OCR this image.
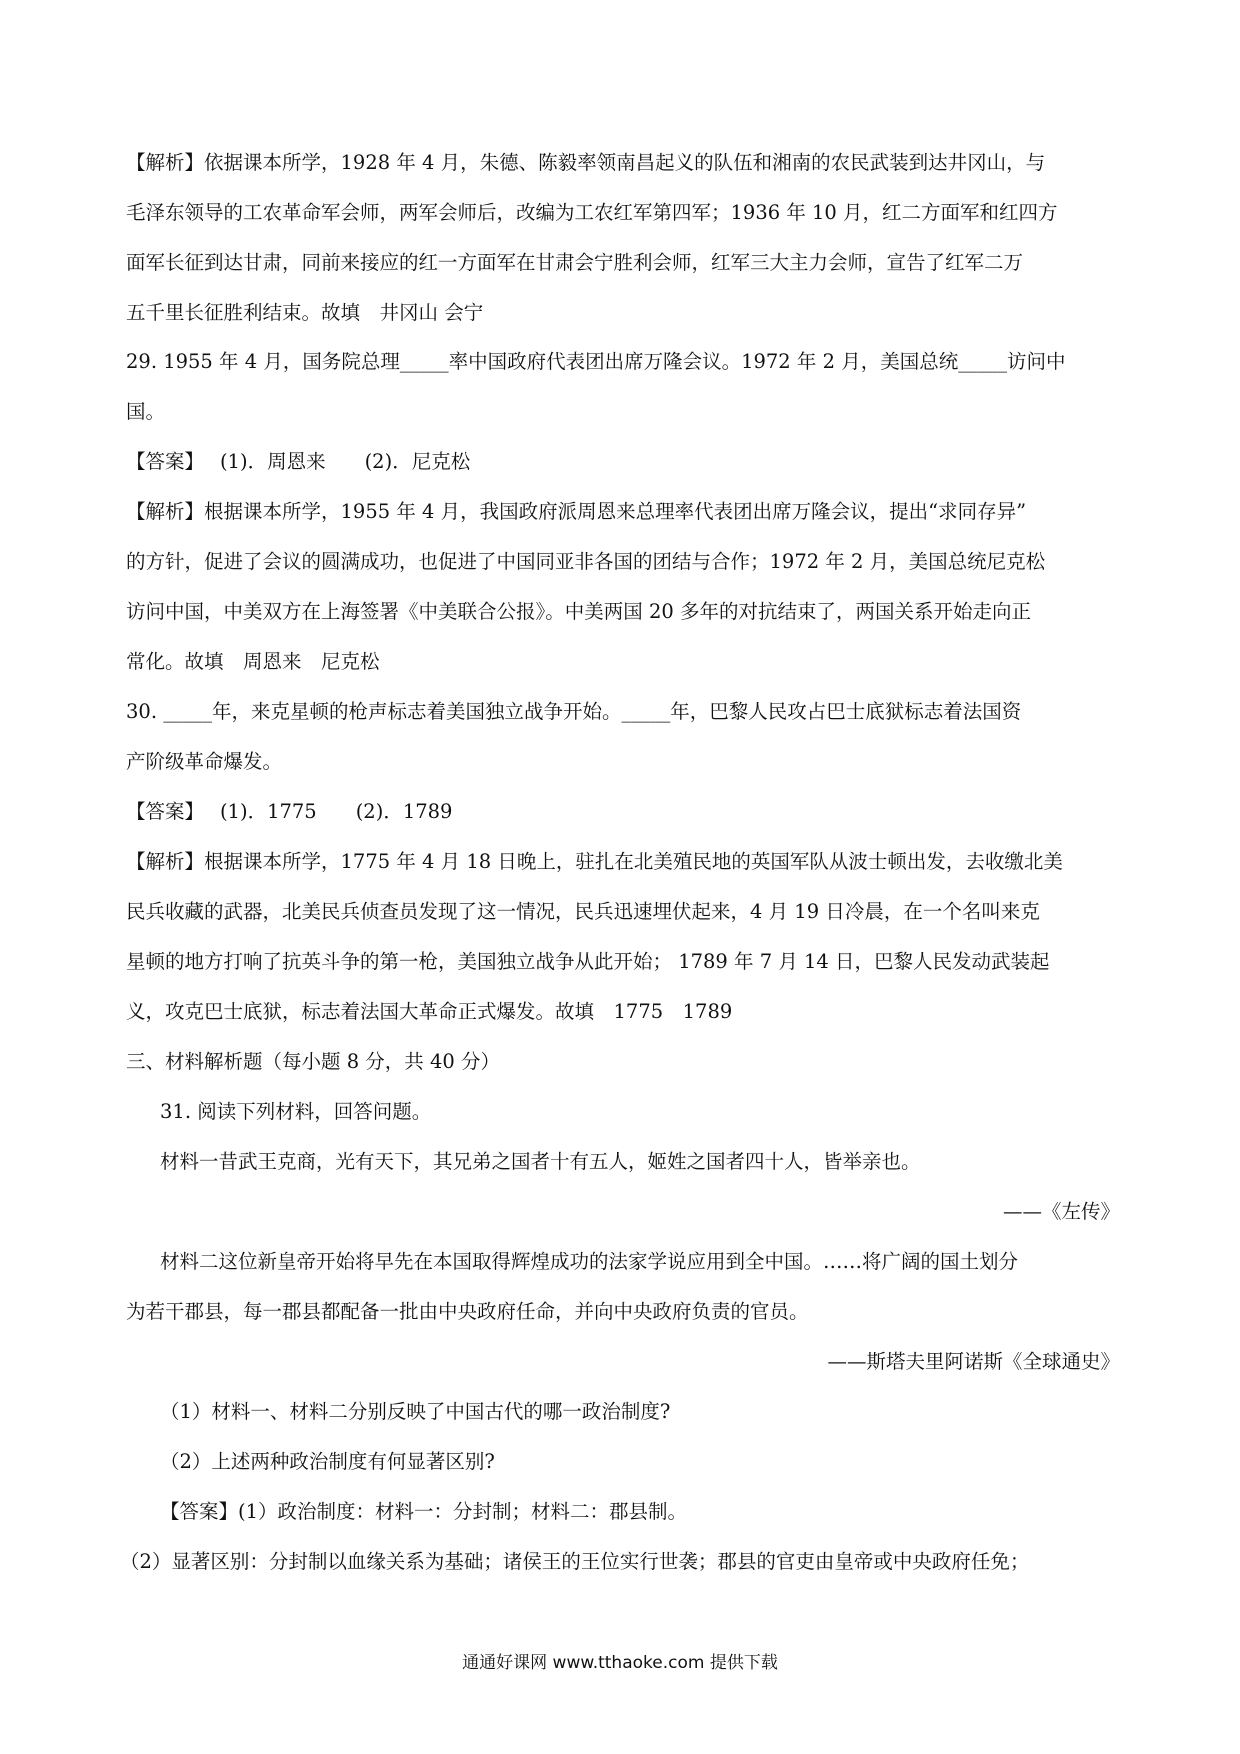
【解析】依据课本所学，1928 年 4 月，朱德、陈毅率领南昌起义的队伍和湘南的农民武装到达井冈山，与
毛泽东领导的工农革命军会师，两军会师后，改编为工农红军第四军；1936 年 10 月，红二方面军和红四方
面军长征到达甘肃，同前来接应的红一方面军在甘肃会宁胜利会师，红军三大主力会师，宣告了红军二万
五千里长征胜利结束。故填　井冈山 会宁
29. 1955 年 4 月，国务院总理_____率中国政府代表团出席万隆会议。1972 年 2 月，美国总统_____访问中
国。
【答案】　 (1)．周恩来　　(2)．尼克松
【解析】根据课本所学，1955 年 4 月，我国政府派周恩来总理率代表团出席万隆会议，提出“求同存异”
的方针，促进了会议的圆满成功，也促进了中国同亚非各国的团结与合作；1972 年 2 月，美国总统尼克松
访问中国，中美双方在上海签署《中美联合公报》。中美两国 20 多年的对抗结束了，两国关系开始走向正
常化。故填　周恩来　尼克松
30. _____年，来克星顿的枪声标志着美国独立战争开始。_____年，巴黎人民攻占巴士底狱标志着法国资
产阶级革命爆发。
【答案】　 (1)．1775　　(2)．1789
【解析】根据课本所学，1775 年 4 月 18 日晚上，驻扎在北美殖民地的英国军队从波士顿出发，去收缴北美
民兵收藏的武器，北美民兵侦查员发现了这一情况，民兵迅速埋伏起来，4 月 19 日冷晨，在一个名叫来克
星顿的地方打响了抗英斗争的第一枪，美国独立战争从此开始； 1789 年 7 月 14 日，巴黎人民发动武装起
义，攻克巴士底狱，标志着法国大革命正式爆发。故填　1775　1789
三、材料解析题（每小题 8 分，共 40 分）
31. 阅读下列材料，回答问题。
材料一昔武王克商，光有天下，其兄弟之国者十有五人，姬姓之国者四十人，皆举亲也。
——《左传》
材料二这位新皇帝开始将早先在本国取得辉煌成功的法家学说应用到全中国。……将广阔的国土划分
为若干郡县，每一郡县都配备一批由中央政府任命，并向中央政府负责的官员。
——斯塔夫里阿诺斯《全球通史》
（1）材料一、材料二分别反映了中国古代的哪一政治制度?
（2）上述两种政治制度有何显著区别?
【答案】(1）政治制度：材料一：分封制；材料二：郡县制。
（2）显著区别：分封制以血缘关系为基础；诸侯王的王位实行世袭；郡县的官吏由皇帝或中央政府任免；
通通好课网 www.tthaoke.com 提供下载
